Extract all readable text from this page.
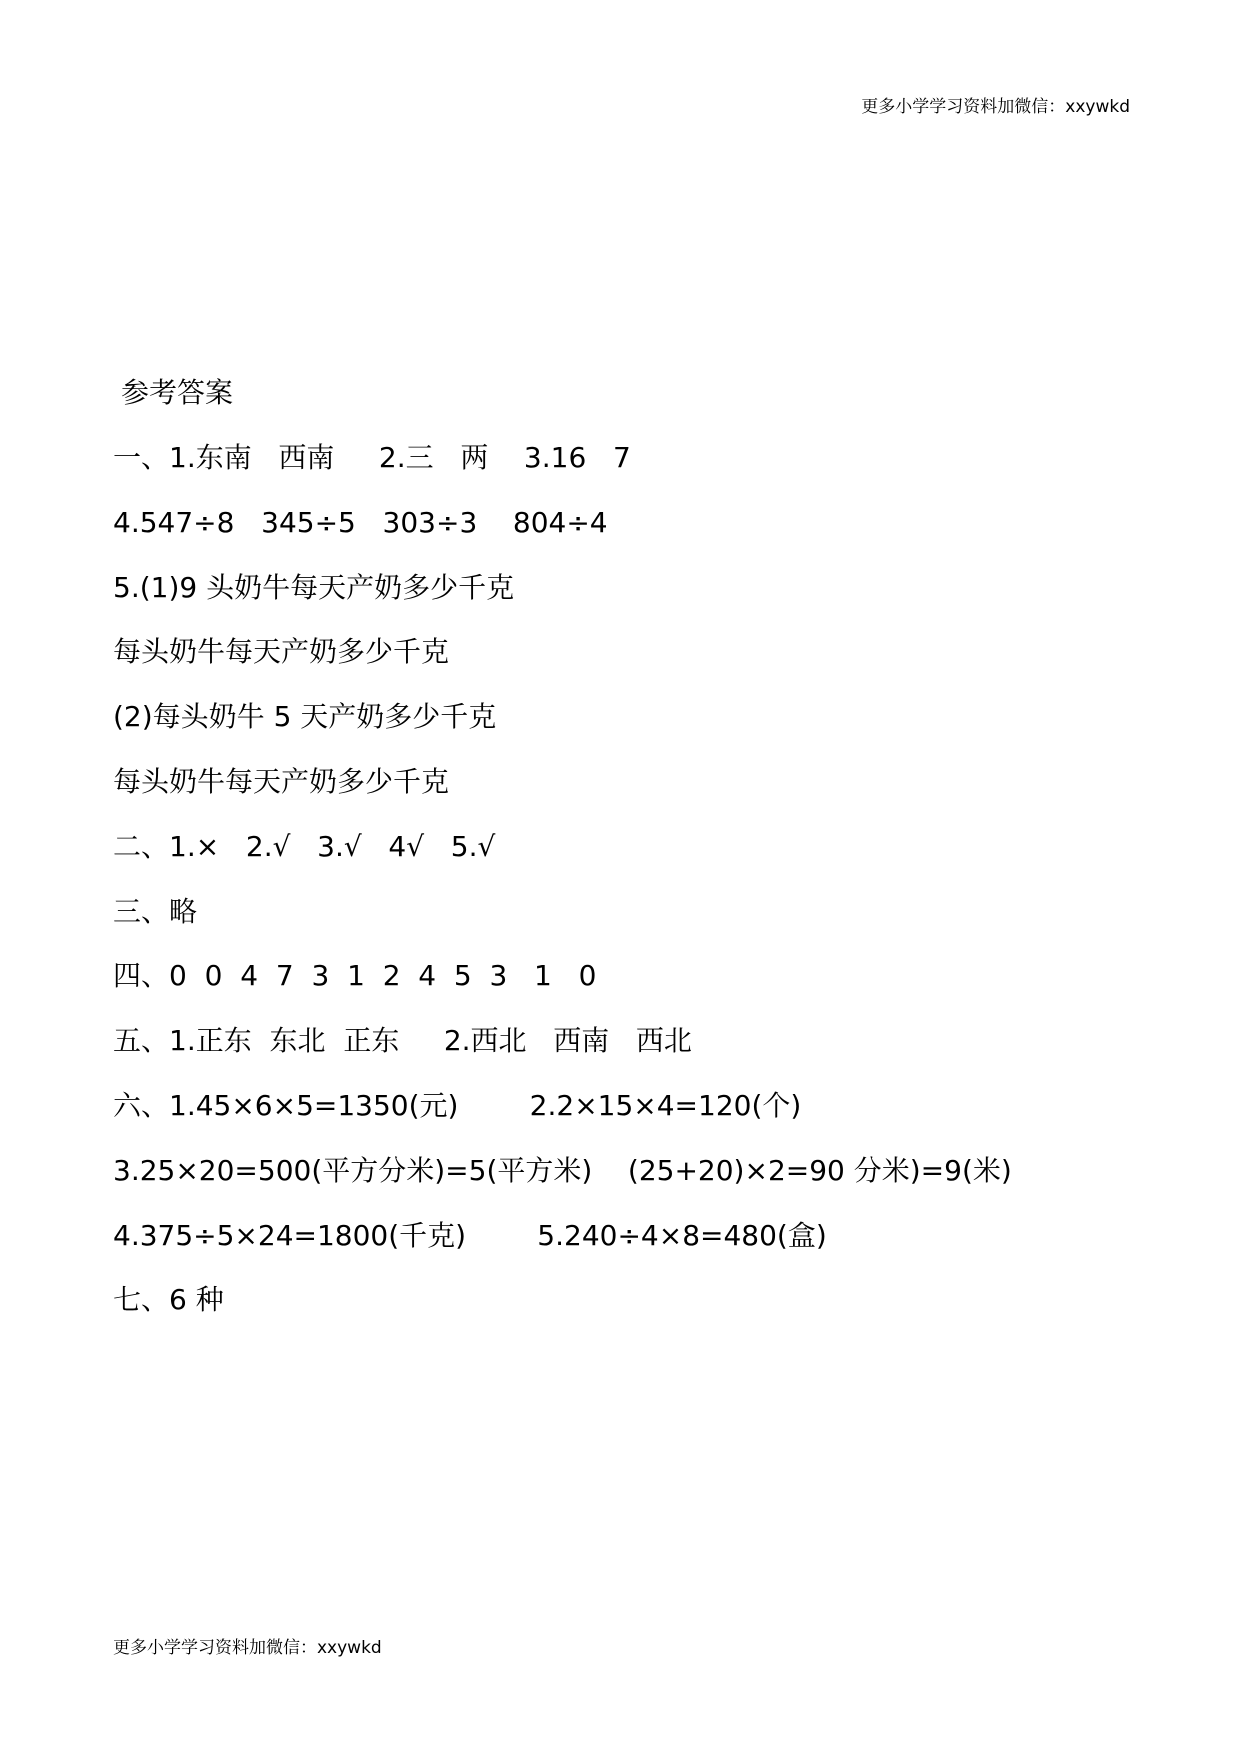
更多小学学习资料加微信：xxywkd
参考答案
一、1.东南   西南     2.三   两    3.16   7
4.547÷8   345÷5   303÷3    804÷4
5.(1)9 头奶牛每天产奶多少千克
每头奶牛每天产奶多少千克
(2)每头奶牛 5 天产奶多少千克
每头奶牛每天产奶多少千克
二、1.×   2.√   3.√   4√   5.√
三、略
四、0  0  4  7  3  1  2  4  5  3   1   0
五、1.正东  东北  正东     2.西北   西南   西北
六、1.45×6×5=1350(元)        2.2×15×4=120(个)
3.25×20=500(平方分米)=5(平方米)    (25+20)×2=90 分米)=9(米)
4.375÷5×24=1800(千克)        5.240÷4×8=480(盒)
七、6 种
更多小学学习资料加微信：xxywkd
